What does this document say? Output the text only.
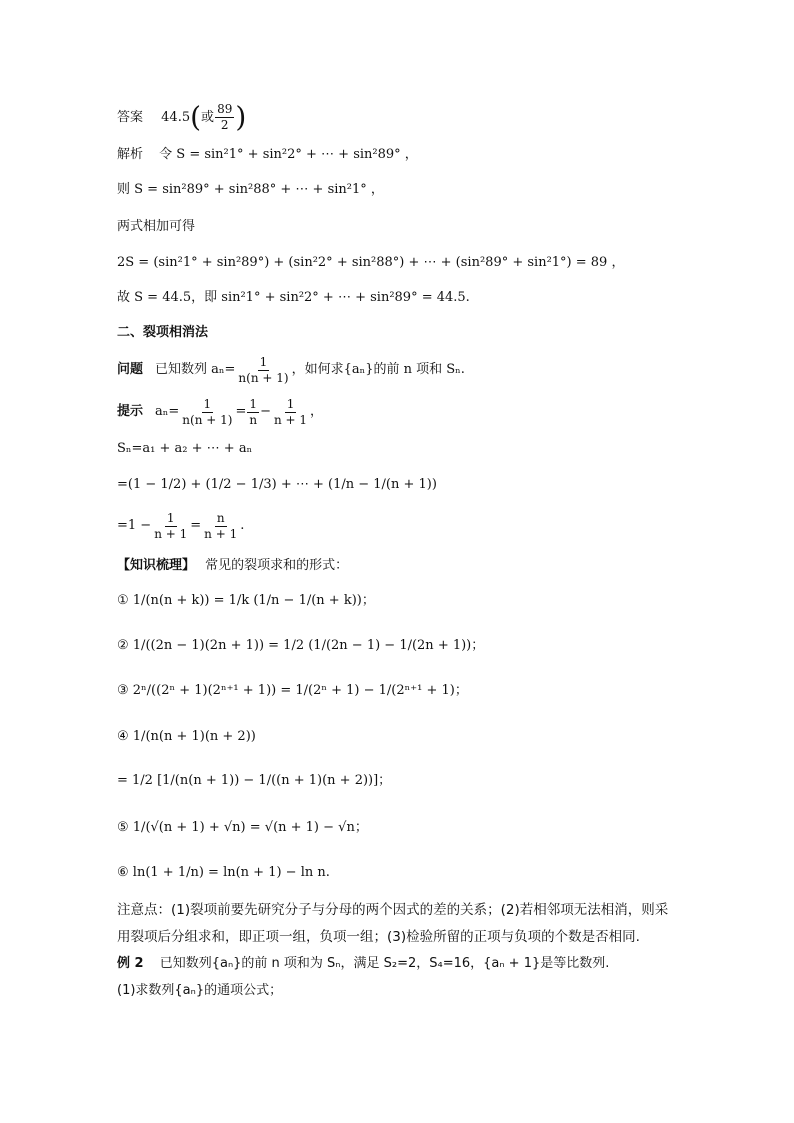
答案 44.5(或 $\frac{89}{2}$ )
解析 令 S = sin²1° + sin²2° + ⋯ + sin²89° ，
则 S = sin²89° + sin²88° + ⋯ + sin²1° ，
两式相加可得
2S = (sin²1° + sin²89°) + (sin²2° + sin²88°) + ⋯ + (sin²89° + sin²1°) = 89 ，
故 S = 44.5，即 sin²1° + sin²2° + ⋯ + sin²89° = 44.5.
二、裂项相消法
问题 已知数列 $a_n= \frac{1}{n(n + 1)}$ ，如何求{aₙ}的前 n 项和 Sₙ.
提示 $a_n= \frac{1}{n(n + 1)} = \frac{1}{n} - \frac{1}{n + 1}$ ，
Sₙ=a₁ + a₂ + ⋯ + aₙ
=(1 − 1/2) + (1/2 − 1/3) + ⋯ + (1/n − 1/(n + 1))
$=1 - \frac{1}{n + 1} = \frac{n}{n + 1}$ .
【知识梳理】 常见的裂项求和的形式：
① 1/(n(n + k)) = 1/k (1/n − 1/(n + k))；
② 1/((2n − 1)(2n + 1)) = 1/2 (1/(2n − 1) − 1/(2n + 1))；
③ 2ⁿ/((2ⁿ + 1)(2ⁿ⁺¹ + 1)) = 1/(2ⁿ + 1) − 1/(2ⁿ⁺¹ + 1)；
④ 1/(n(n + 1)(n + 2))
= 1/2 [1/(n(n + 1)) − 1/((n + 1)(n + 2))]；
⑤ 1/(√(n + 1) + √n) = √(n + 1) − √n；
⑥ ln(1 + 1/n) = ln(n + 1) − ln n.
注意点：(1)裂项前要先研究分子与分母的两个因式的差的关系；(2)若相邻项无法相消，则采
用裂项后分组求和，即正项一组，负项一组；(3)检验所留的正项与负项的个数是否相同.
例 2 已知数列{aₙ}的前 n 项和为 Sₙ，满足 S₂=2，S₄=16，{aₙ + 1}是等比数列.
(1)求数列{aₙ}的通项公式；
